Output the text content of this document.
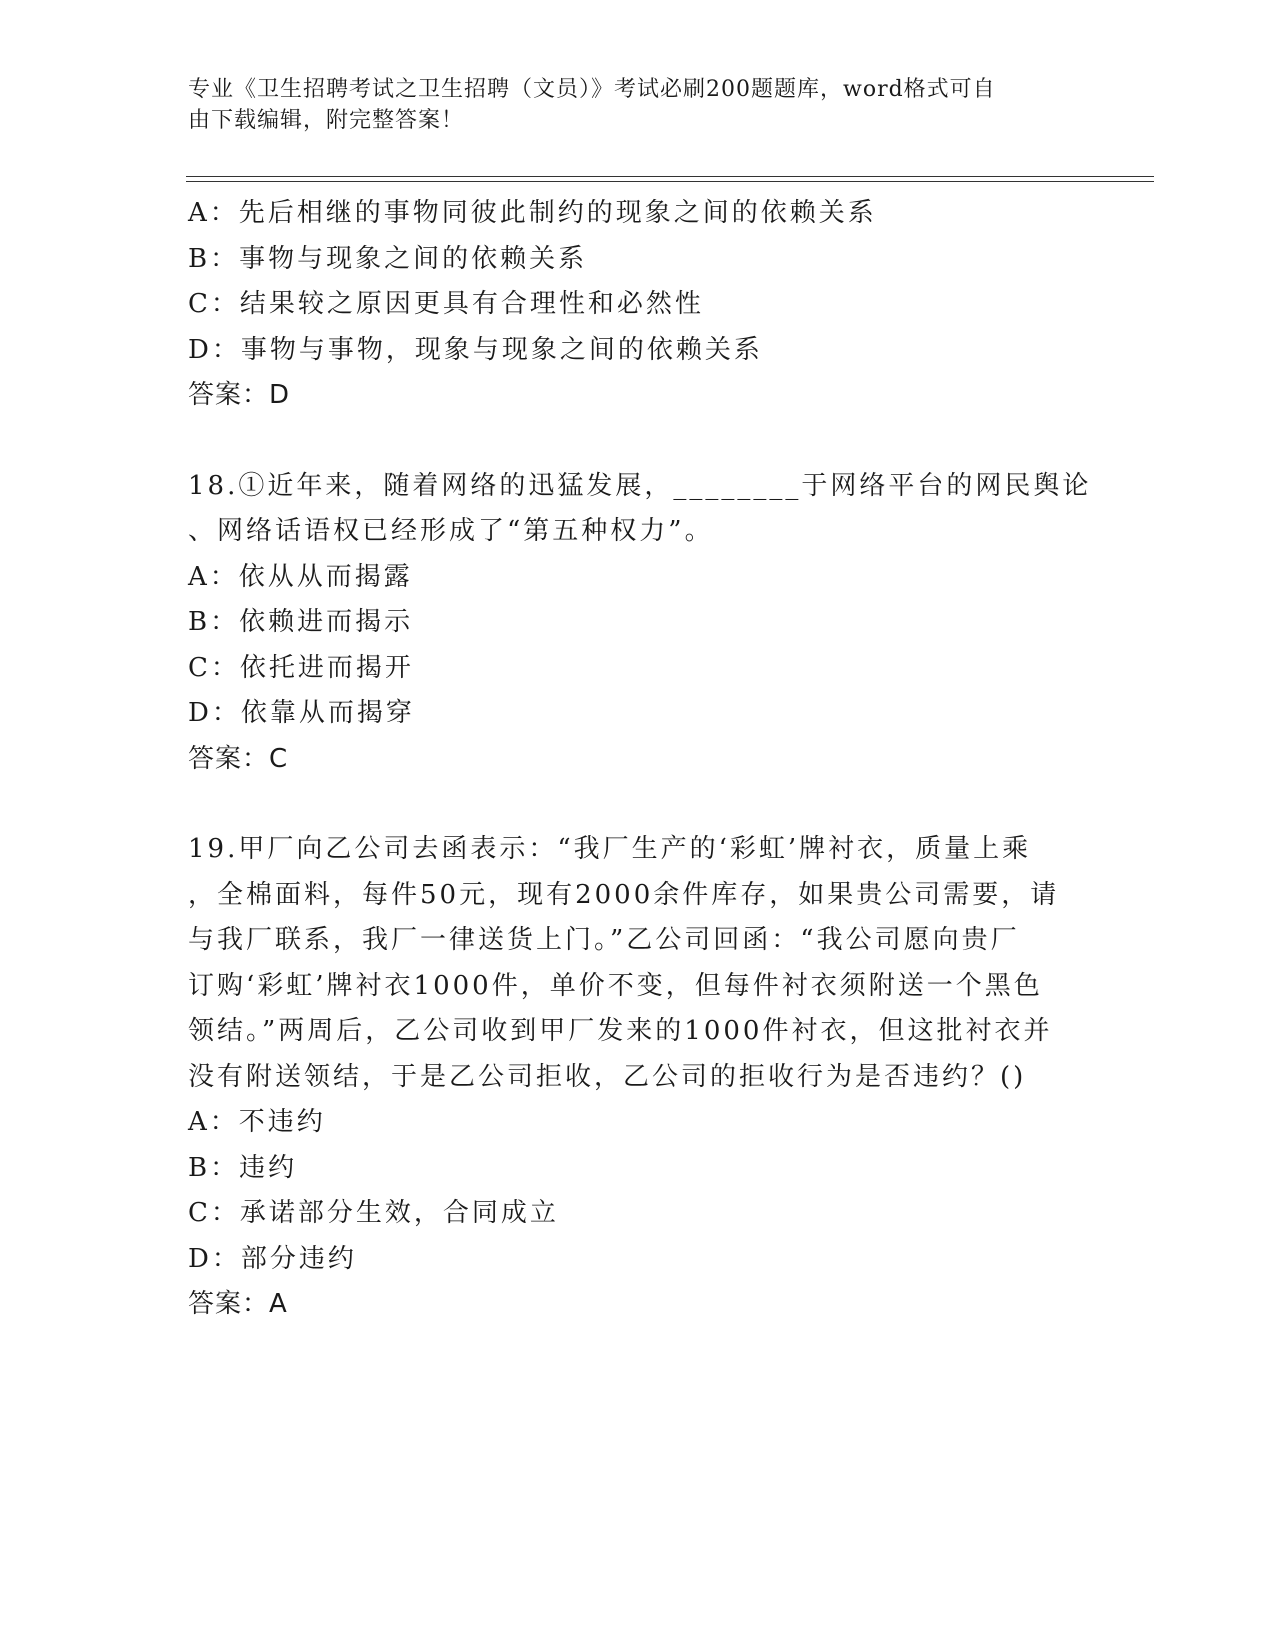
专业《卫生招聘考试之卫生招聘（文员）》考试必刷200题题库，word格式可自
由下载编辑，附完整答案！
A：先后相继的事物同彼此制约的现象之间的依赖关系
B：事物与现象之间的依赖关系
C：结果较之原因更具有合理性和必然性
D：事物与事物，现象与现象之间的依赖关系
答案：D
18.①近年来，随着网络的迅猛发展，________于网络平台的网民舆论
、网络话语权已经形成了“第五种权力”。
A：依从从而揭露
B：依赖进而揭示
C：依托进而揭开
D：依靠从而揭穿
答案：C
19.甲厂向乙公司去函表示：“我厂生产的‘彩虹’牌衬衣，质量上乘
，全棉面料，每件50元，现有2000余件库存，如果贵公司需要，请
与我厂联系，我厂一律送货上门。”乙公司回函：“我公司愿向贵厂
订购‘彩虹’牌衬衣1000件，单价不变，但每件衬衣须附送一个黑色
领结。”两周后，乙公司收到甲厂发来的1000件衬衣，但这批衬衣并
没有附送领结，于是乙公司拒收，乙公司的拒收行为是否违约？()
A：不违约
B：违约
C：承诺部分生效，合同成立
D：部分违约
答案：A
